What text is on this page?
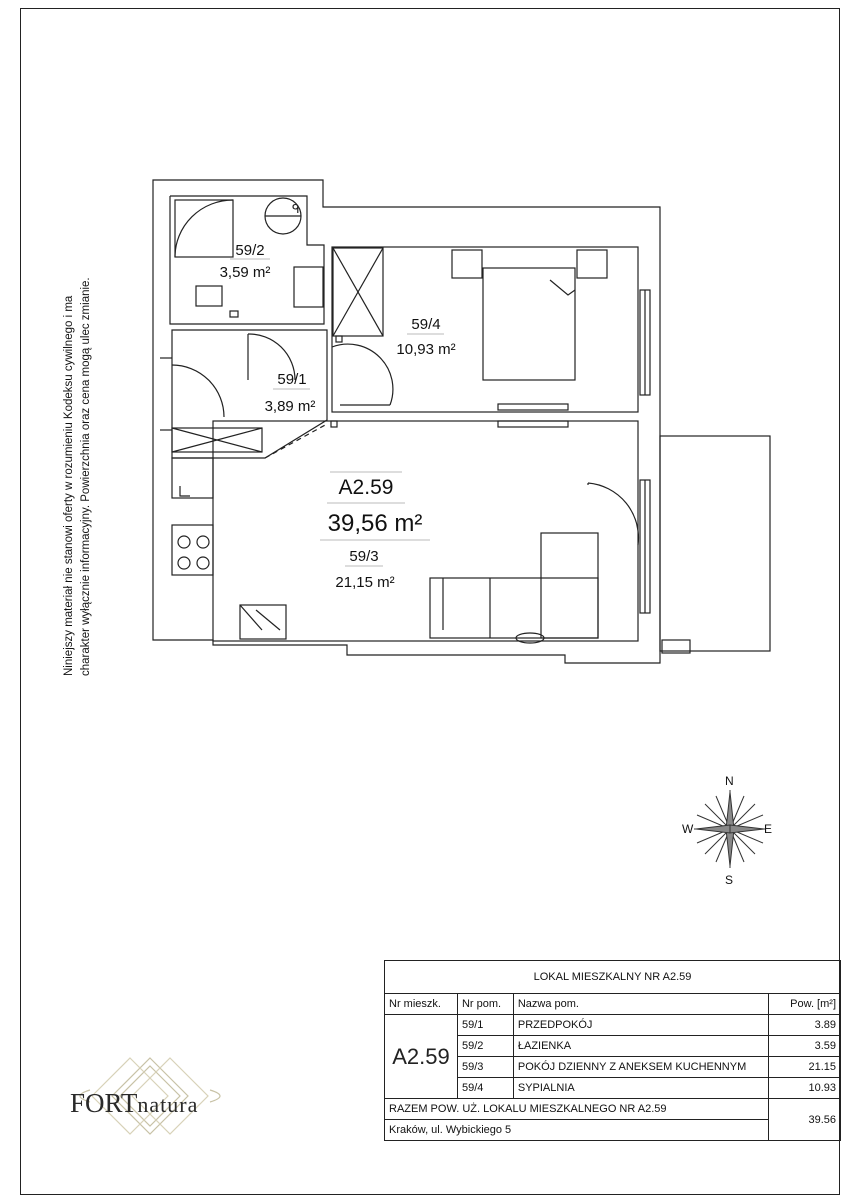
ᑫ
59/2
3,59 m²
59/4
10,93 m²
59/1
3,89 m²
A2.59
39,56 m²
59/3
21,15 m²
Niniejszy materiał nie stanowi oferty w rozumieniu Kodeksu cywilnego i ma charakter wyłącznie informacyjny. Powierzchnia oraz cena mogą ulec zmianie.
N
E
S
W
FORTnatura
LOKAL MIESZKALNY NR A2.59			
Nr mieszk.	Nr pom.	Nazwa pom.	Pow. [m²]
A2.59	59/1	PRZEDPOKÓJ	3.89
	59/2	ŁAZIENKA	3.59
	59/3	POKÓJ DZIENNY Z ANEKSEM KUCHENNYM	21.15
	59/4	SYPIALNIA	10.93
RAZEM POW. UŻ. LOKALU MIESZKALNEGO NR A2.59			39.56
Kraków, ul. Wybickiego 5			
